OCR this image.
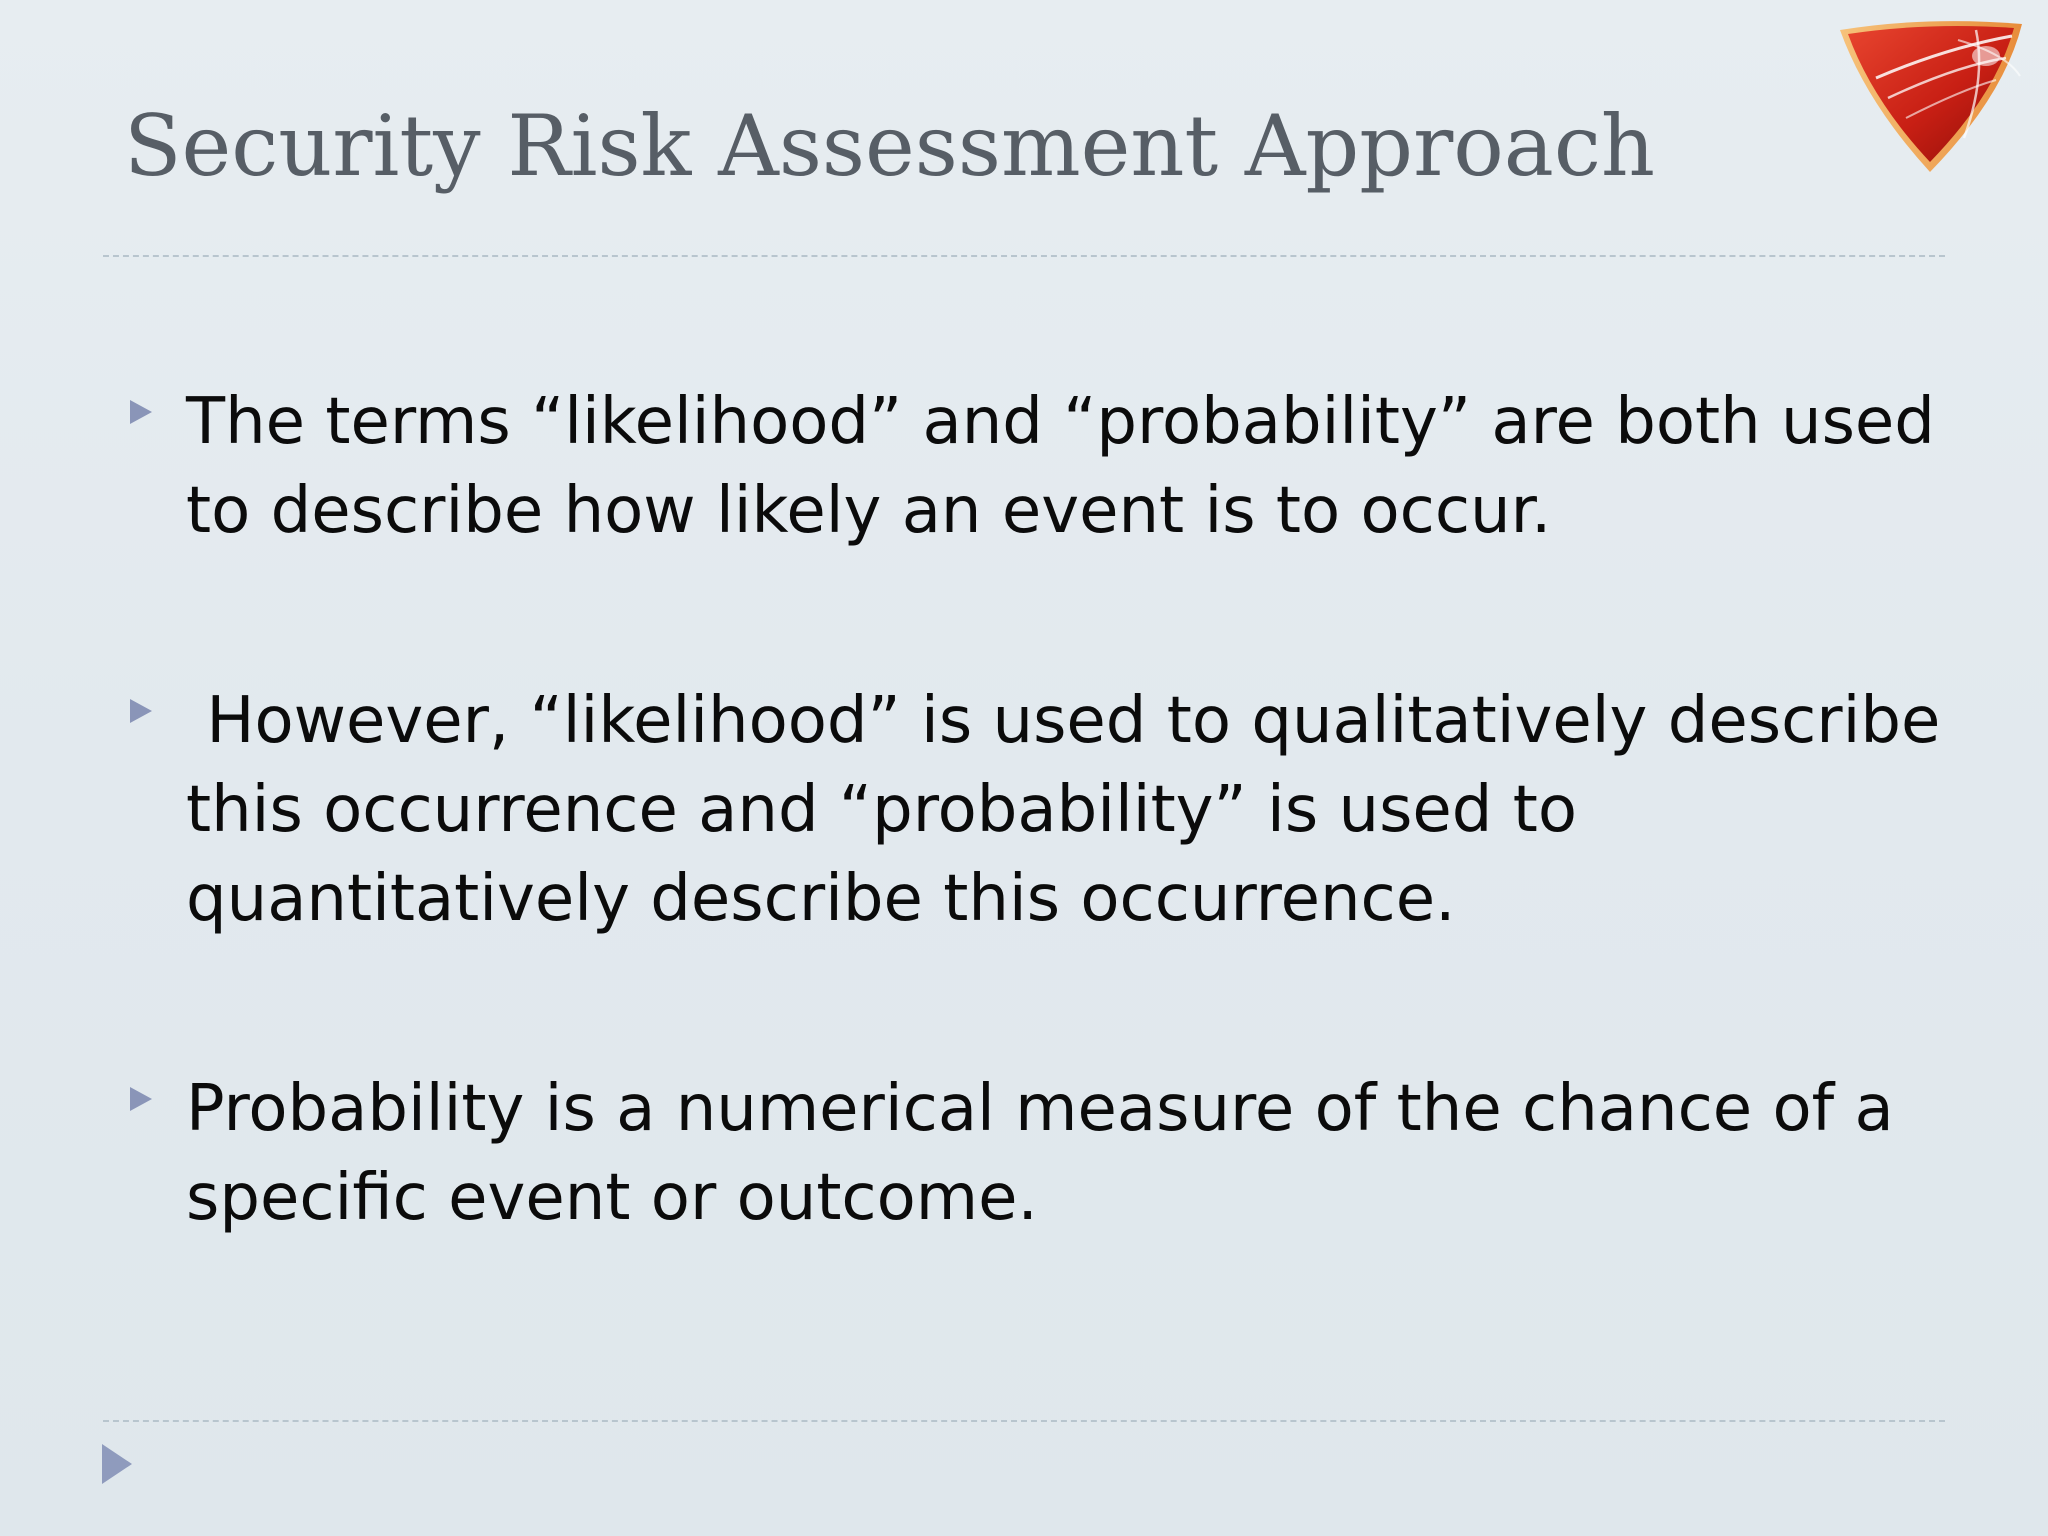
Security Risk Assessment Approach
The terms “likelihood” and “probability” are both used to describe how likely an event is to occur.
However, “likelihood” is used to qualitatively describe this occurrence and “probability” is used to quantitatively describe this occurrence.
Probability is a numerical measure of the chance of a specific event or outcome.
